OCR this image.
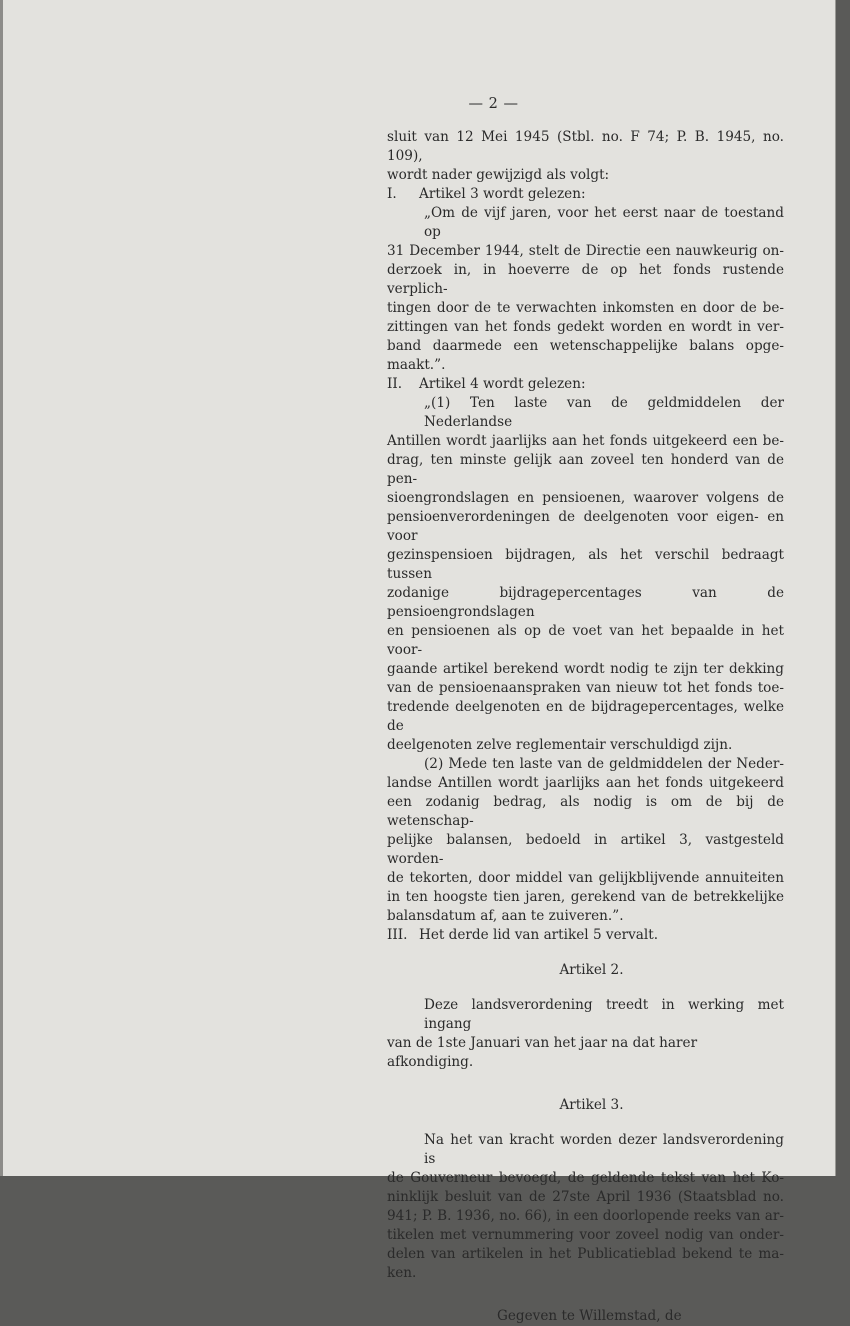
— 2 —

sluit van 12 Mei 1945 (Stbl. no. F 74; P. B. 1945, no. 109),

wordt nader gewijzigd als volgt:

I. Artikel 3 wordt gelezen:

„Om de vijf jaren, voor het eerst naar de toestand op

31 December 1944, stelt de Directie een nauwkeurig on-

derzoek in, in hoeverre de op het fonds rustende verplich-

tingen door de te verwachten inkomsten en door de be-

zittingen van het fonds gedekt worden en wordt in ver-

band daarmede een wetenschappelijke balans opge-

maakt.”.

II. Artikel 4 wordt gelezen:

„(1) Ten laste van de geldmiddelen der Nederlandse

Antillen wordt jaarlijks aan het fonds uitgekeerd een be-

drag, ten minste gelijk aan zoveel ten honderd van de pen-

sioengrondslagen en pensioenen, waarover volgens de

pensioenverordeningen de deelgenoten voor eigen- en voor

gezinspensioen bijdragen, als het verschil bedraagt tussen

zodanige bijdragepercentages van de pensioengrondslagen

en pensioenen als op de voet van het bepaalde in het voor-

gaande artikel berekend wordt nodig te zijn ter dekking

van de pensioenaanspraken van nieuw tot het fonds toe-

tredende deelgenoten en de bijdragepercentages, welke de

deelgenoten zelve reglementair verschuldigd zijn.

(2) Mede ten laste van de geldmiddelen der Neder-

landse Antillen wordt jaarlijks aan het fonds uitgekeerd

een zodanig bedrag, als nodig is om de bij de wetenschap-

pelijke balansen, bedoeld in artikel 3, vastgesteld worden-

de tekorten, door middel van gelijkblijvende annuiteiten

in ten hoogste tien jaren, gerekend van de betrekkelijke

balansdatum af, aan te zuiveren.”.

III. Het derde lid van artikel 5 vervalt.

Artikel 2.

Deze landsverordening treedt in werking met ingang

van de 1ste Januari van het jaar na dat harer afkondiging.

Artikel 3.

Na het van kracht worden dezer landsverordening is

de Gouverneur bevoegd, de geldende tekst van het Ko-

ninklijk besluit van de 27ste April 1936 (Staatsblad no.

941; P. B. 1936, no. 66), in een doorlopende reeks van ar-

tikelen met vernummering voor zoveel nodig van onder-

delen van artikelen in het Publicatieblad bekend te ma-

ken.

Gegeven te Willemstad, de
